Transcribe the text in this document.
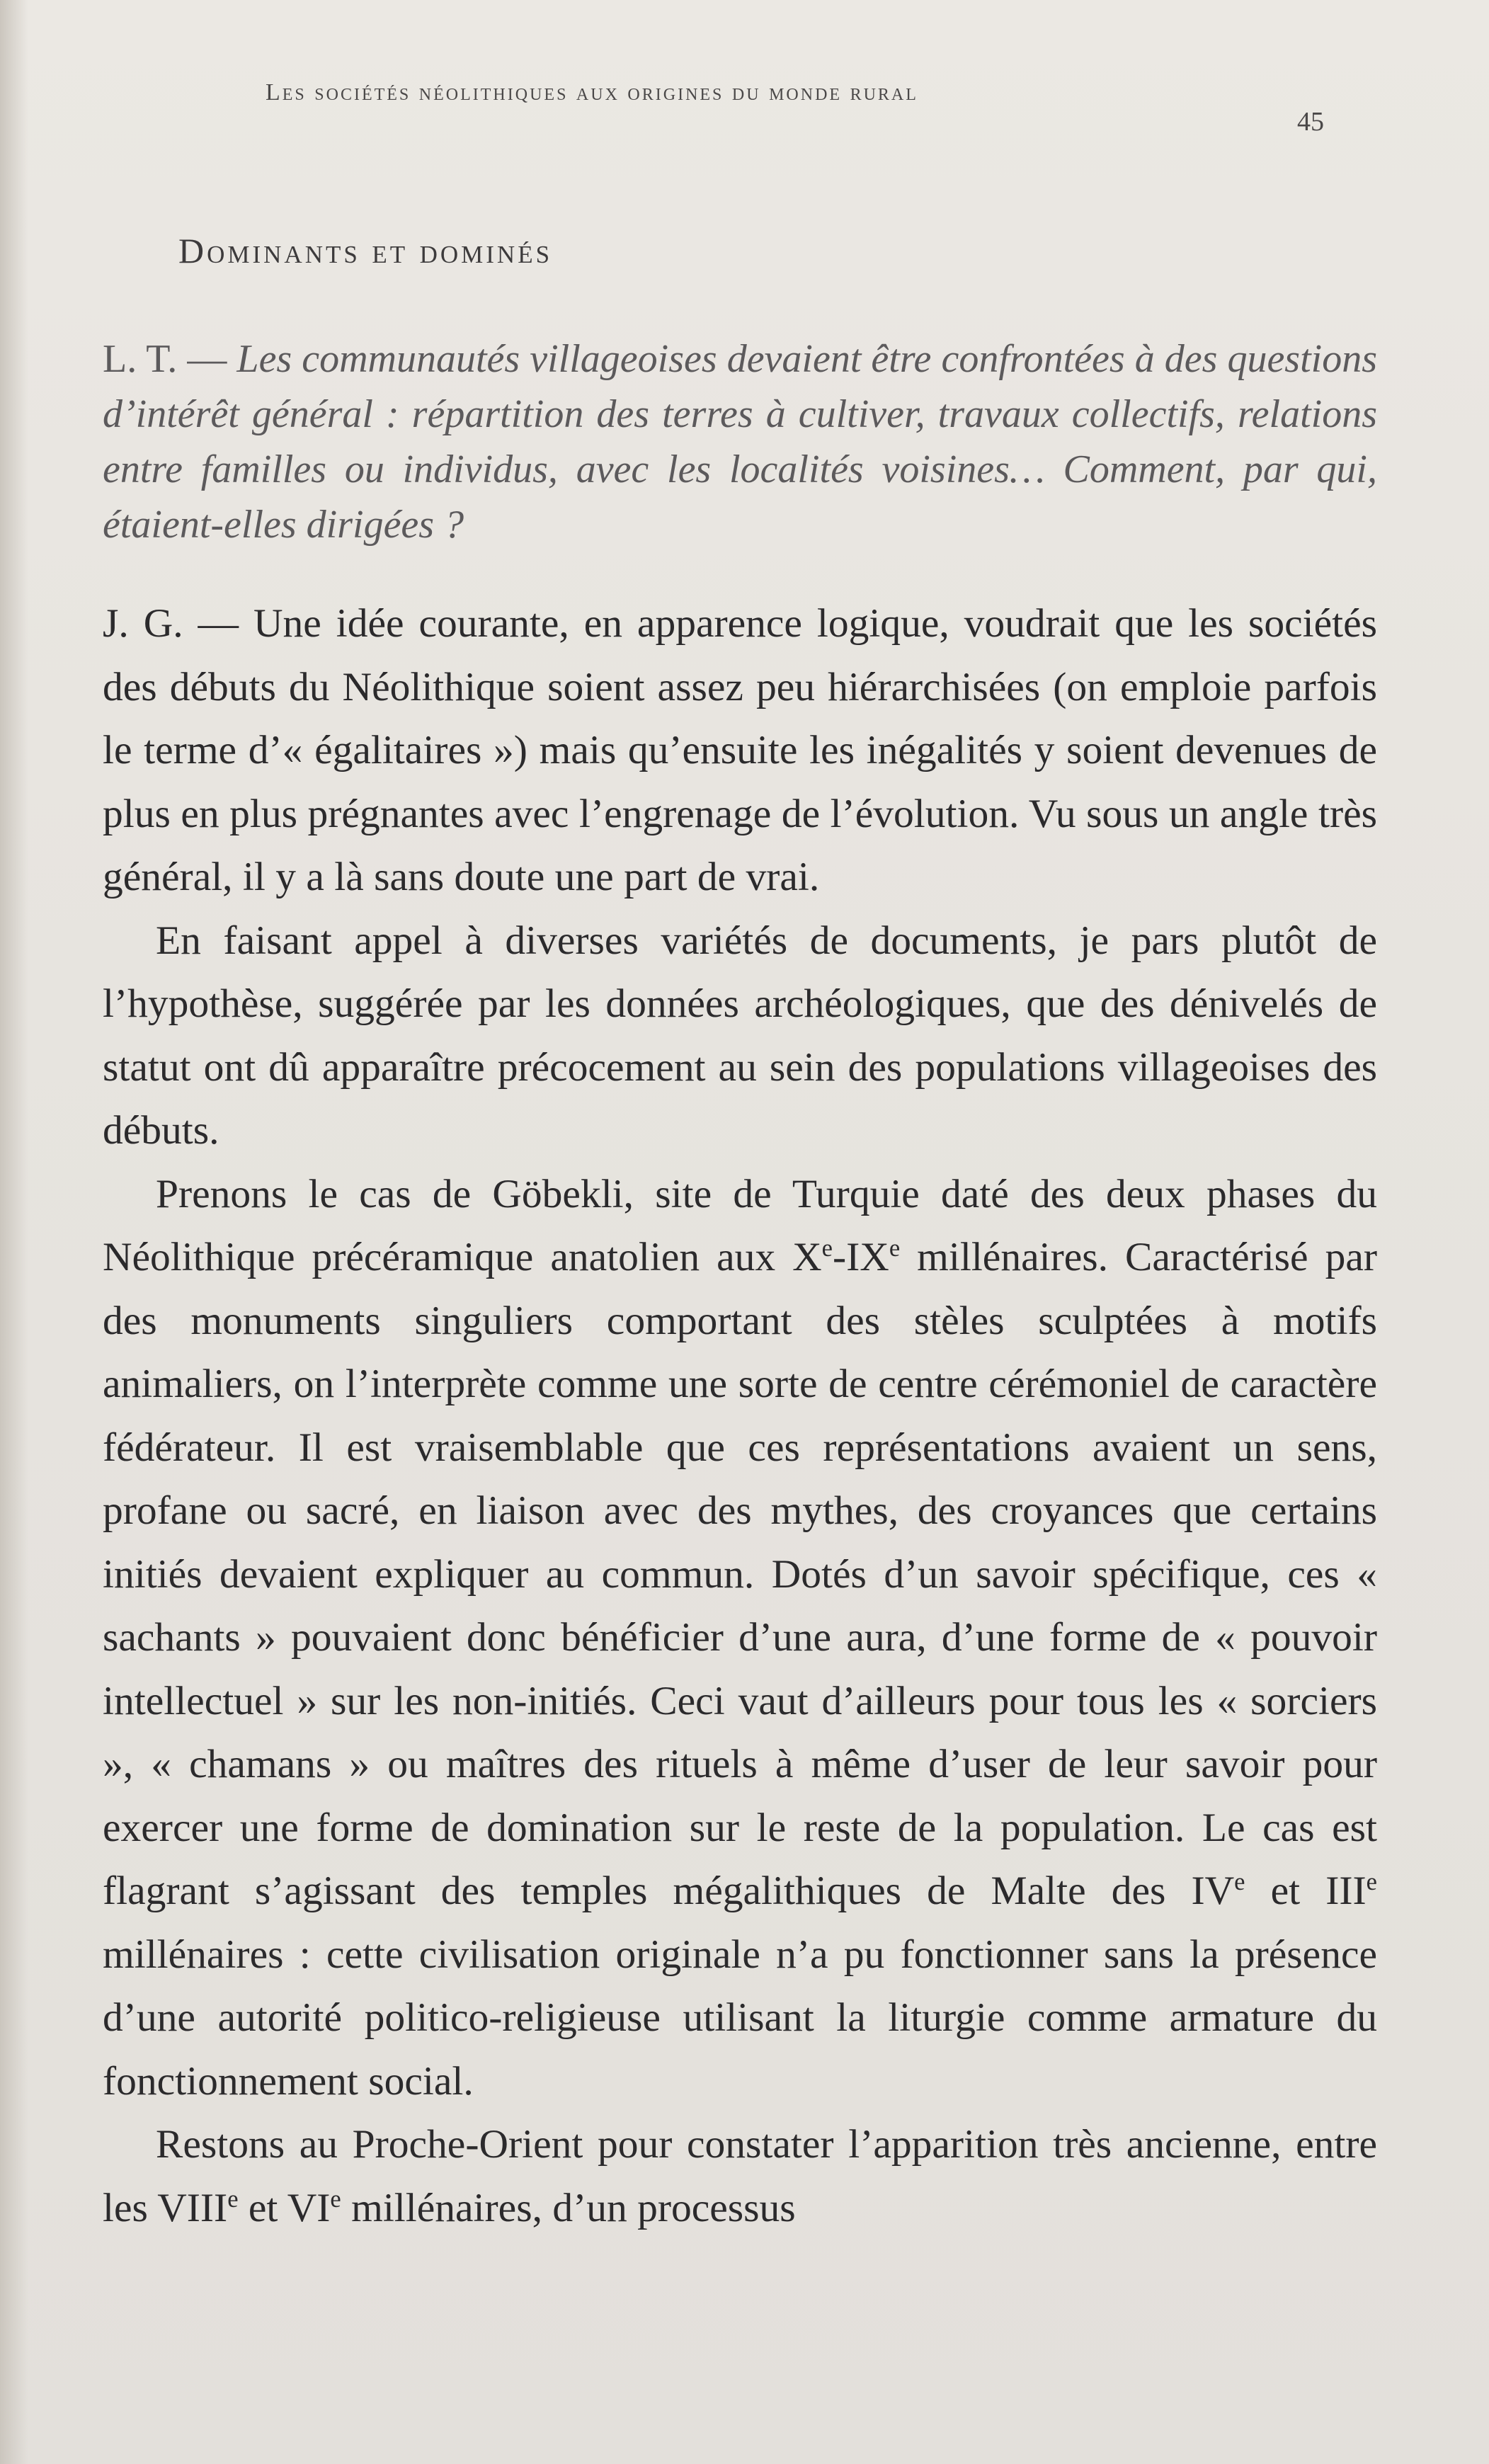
Les sociétés néolithiques aux origines du monde rural
45
Dominants et dominés

L. T. — Les communautés villageoises devaient être confrontées à des questions d’intérêt général : répartition des terres à cultiver, travaux collectifs, relations entre familles ou individus, avec les localités voisines… Comment, par qui, étaient-elles dirigées ?

J. G. — Une idée courante, en apparence logique, voudrait que les sociétés des débuts du Néolithique soient assez peu hiérarchisées (on emploie parfois le terme d’« égalitaires ») mais qu’ensuite les inégalités y soient devenues de plus en plus prégnantes avec l’engrenage de l’évolution. Vu sous un angle très général, il y a là sans doute une part de vrai.

En faisant appel à diverses variétés de documents, je pars plutôt de l’hypothèse, suggérée par les données archéologiques, que des dénivelés de statut ont dû apparaître précocement au sein des populations villageoises des débuts.

Prenons le cas de Göbekli, site de Turquie daté des deux phases du Néolithique précéramique anatolien aux Xe-IXe millénaires. Caractérisé par des monuments singuliers comportant des stèles sculptées à motifs animaliers, on l’interprète comme une sorte de centre cérémoniel de caractère fédérateur. Il est vraisemblable que ces représentations avaient un sens, profane ou sacré, en liaison avec des mythes, des croyances que certains initiés devaient expliquer au commun. Dotés d’un savoir spécifique, ces « sachants » pouvaient donc bénéficier d’une aura, d’une forme de « pouvoir intellectuel » sur les non-initiés. Ceci vaut d’ailleurs pour tous les « sorciers », « chamans » ou maîtres des rituels à même d’user de leur savoir pour exercer une forme de domination sur le reste de la population. Le cas est flagrant s’agissant des temples mégalithiques de Malte des IVe et IIIe millénaires : cette civilisation originale n’a pu fonctionner sans la présence d’une autorité politico-religieuse utilisant la liturgie comme armature du fonctionnement social.

Restons au Proche-Orient pour constater l’apparition très ancienne, entre les VIIIe et VIe millénaires, d’un processus
